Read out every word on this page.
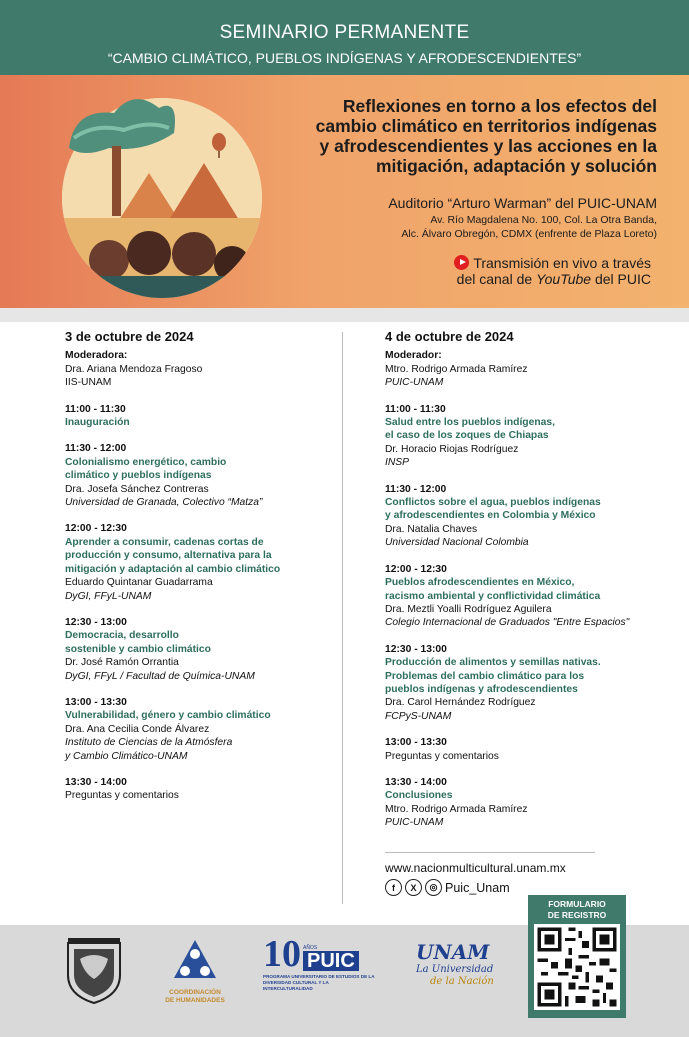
SEMINARIO PERMANENTE
“CAMBIO CLIMÁTICO, PUEBLOS INDÍGENAS Y AFRODESCENDIENTES”
Reflexiones en torno a los efectos del
cambio climático en territorios indígenas
y afrodescendientes y las acciones en la
mitigación, adaptación y solución
Auditorio “Arturo Warman” del PUIC-UNAM
Av. Río Magdalena No. 100, Col. La Otra Banda,
Alc. Álvaro Obregón, CDMX (enfrente de Plaza Loreto)
Transmisión en vivo a través
del canal de YouTube del PUIC
3 de octubre de 2024
Moderadora:
Dra. Ariana Mendoza Fragoso
IIS-UNAM
11:00 - 11:30
Inauguración
11:30 - 12:00
Colonialismo energético, cambio
climático y pueblos indígenas
Dra. Josefa Sánchez Contreras
Universidad de Granada, Colectivo “Matza”
12:00 - 12:30
Aprender a consumir, cadenas cortas de
producción y consumo, alternativa para la
mitigación y adaptación al cambio climático
Eduardo Quintanar Guadarrama
DyGI, FFyL-UNAM
12:30 - 13:00
Democracia, desarrollo
sostenible y cambio climático
Dr. José Ramón Orrantia
DyGI, FFyL / Facultad de Química-UNAM
13:00 - 13:30
Vulnerabilidad, género y cambio climático
Dra. Ana Cecilia Conde Álvarez
Instituto de Ciencias de la Atmósfera
y Cambio Climático-UNAM
13:30 - 14:00
Preguntas y comentarios
4 de octubre de 2024
Moderador:
Mtro. Rodrigo Armada Ramírez
PUIC-UNAM
11:00 - 11:30
Salud entre los pueblos indígenas,
el caso de los zoques de Chiapas
Dr. Horacio Riojas Rodríguez
INSP
11:30 - 12:00
Conflictos sobre el agua, pueblos indígenas
y afrodescendientes en Colombia y México
Dra. Natalia Chaves
Universidad Nacional Colombia
12:00 - 12:30
Pueblos afrodescendientes en México,
racismo ambiental y conflictividad climática
Dra. Meztli Yoalli Rodríguez Aguilera
Colegio Internacional de Graduados "Entre Espacios"
12:30 - 13:00
Producción de alimentos y semillas nativas.
Problemas del cambio climático para los
pueblos indígenas y afrodescendientes
Dra. Carol Hernández Rodríguez
FCPyS-UNAM
13:00 - 13:30
Preguntas y comentarios
13:30 - 14:00
Conclusiones
Mtro. Rodrigo Armada Ramírez
PUIC-UNAM
www.nacionmulticultural.unam.mx
f	X	◎ Puic_Unam
COORDINACIÓN
DE HUMANIDADES
10 AÑOS
PUIC
PROGRAMA UNIVERSITARIO DE ESTUDIOS DE LA
DIVERSIDAD CULTURAL Y LA INTERCULTURALIDAD
UNAM
La Universidad
de la Nación
FORMULARIO
DE REGISTRO
